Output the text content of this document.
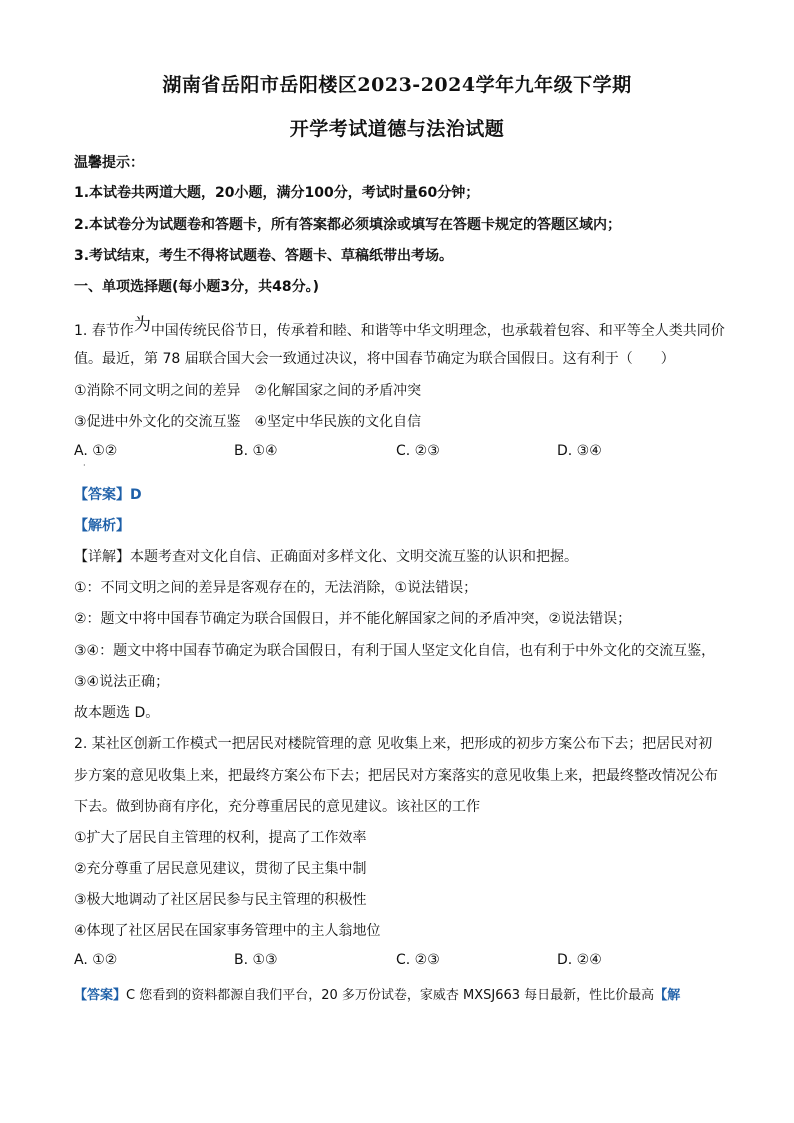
湖南省岳阳市岳阳楼区2023-2024学年九年级下学期
开学考试道德与法治试题
温馨提示：
1.本试卷共两道大题，20小题，满分100分，考试时量60分钟；
2.本试卷分为试题卷和答题卡，所有答案都必须填涂或填写在答题卡规定的答题区域内；
3.考试结束，考生不得将试题卷、答题卡、草稿纸带出考场。
一、单项选择题(每小题3分，共48分。)
1. 春节作为中国传统民俗节日，传承着和睦、和谐等中华文明理念，也承载着包容、和平等全人类共同价
值。最近，第 78 届联合国大会一致通过决议，将中国春节确定为联合国假日。这有利于（　　）
①消除不同文明之间的差异　②化解国家之间的矛盾冲突
③促进中外文化的交流互鉴　④坚定中华民族的文化自信
A. ①②	B. ①④	C. ②③	D. ③④
·
【答案】D
【解析】
【详解】本题考查对文化自信、正确面对多样文化、文明交流互鉴的认识和把握。
①：不同文明之间的差异是客观存在的，无法消除，①说法错误；
②：题文中将中国春节确定为联合国假日，并不能化解国家之间的矛盾冲突，②说法错误；
③④：题文中将中国春节确定为联合国假日，有利于国人坚定文化自信，也有利于中外文化的交流互鉴，
③④说法正确；
故本题选 D。
2. 某社区创新工作模式一把居民对楼院管理的意 见收集上来，把形成的初步方案公布下去；把居民对初
步方案的意见收集上来，把最终方案公布下去；把居民对方案落实的意见收集上来，把最终整改情况公布
下去。做到协商有序化，充分尊重居民的意见建议。该社区的工作
①扩大了居民自主管理的权利，提高了工作效率
②充分尊重了居民意见建议，贯彻了民主集中制
③极大地调动了社区居民参与民主管理的积极性
④体现了社区居民在国家事务管理中的主人翁地位
A. ①②	B. ①③	C. ②③	D. ②④
【答案】C 您看到的资料都源自我们平台，20 多万份试卷，家威杏 MXSJ663 每日最新，性比价最高【解
